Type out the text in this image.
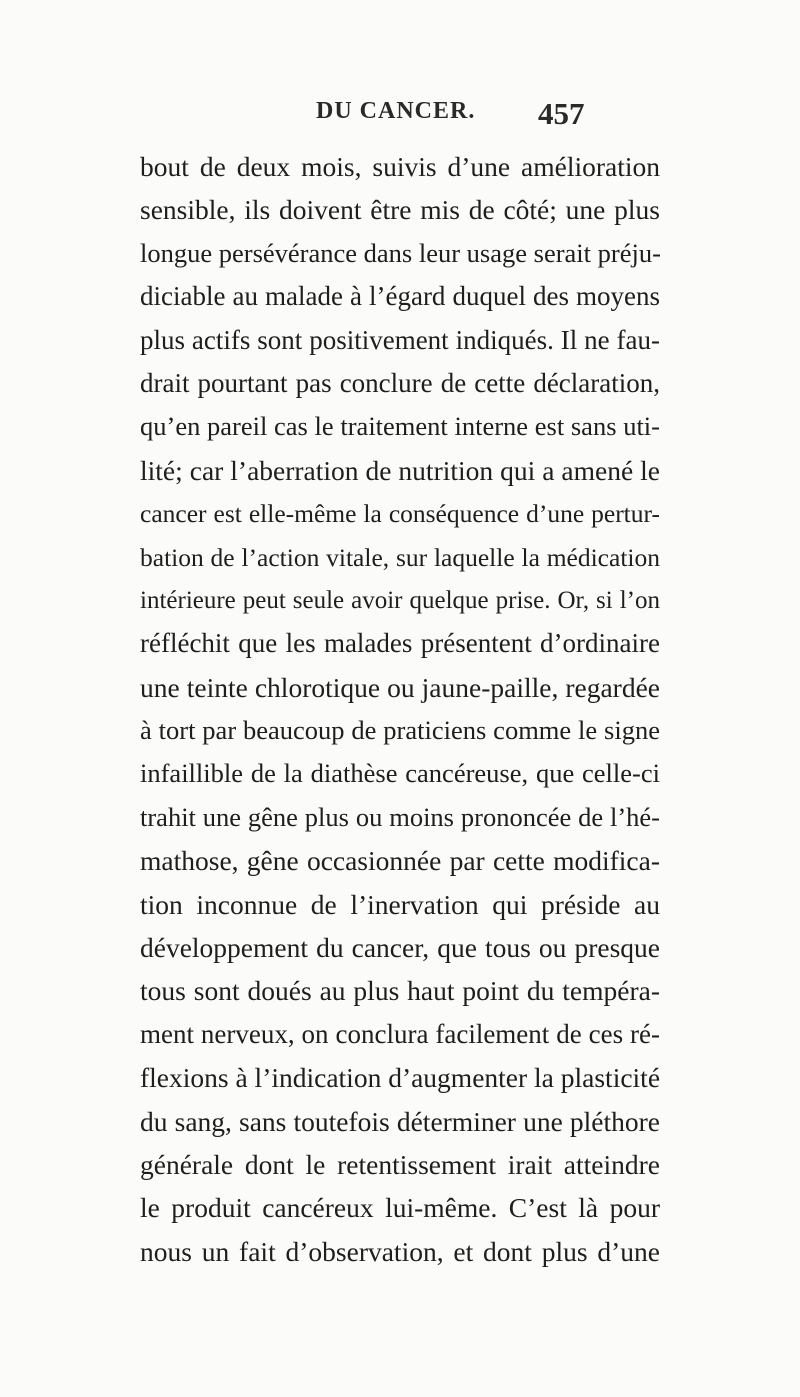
DU CANCER. 457
bout de deux mois, suivis d’une amélioration
sensible, ils doivent être mis de côté; une plus
longue persévérance dans leur usage serait préju-
diciable au malade à l’égard duquel des moyens
plus actifs sont positivement indiqués. Il ne fau-
drait pourtant pas conclure de cette déclaration,
qu’en pareil cas le traitement interne est sans uti-
lité; car l’aberration de nutrition qui a amené le
cancer est elle-même la conséquence d’une pertur-
bation de l’action vitale, sur laquelle la médication
intérieure peut seule avoir quelque prise. Or, si l’on
réfléchit que les malades présentent d’ordinaire
une teinte chlorotique ou jaune-paille, regardée
à tort par beaucoup de praticiens comme le signe
infaillible de la diathèse cancéreuse, que celle-ci
trahit une gêne plus ou moins prononcée de l’hé-
mathose, gêne occasionnée par cette modifica-
tion inconnue de l’inervation qui préside au
développement du cancer, que tous ou presque
tous sont doués au plus haut point du tempéra-
ment nerveux, on conclura facilement de ces ré-
flexions à l’indication d’augmenter la plasticité
du sang, sans toutefois déterminer une pléthore
générale dont le retentissement irait atteindre
le produit cancéreux lui-même. C’est là pour
nous un fait d’observation, et dont plus d’une
